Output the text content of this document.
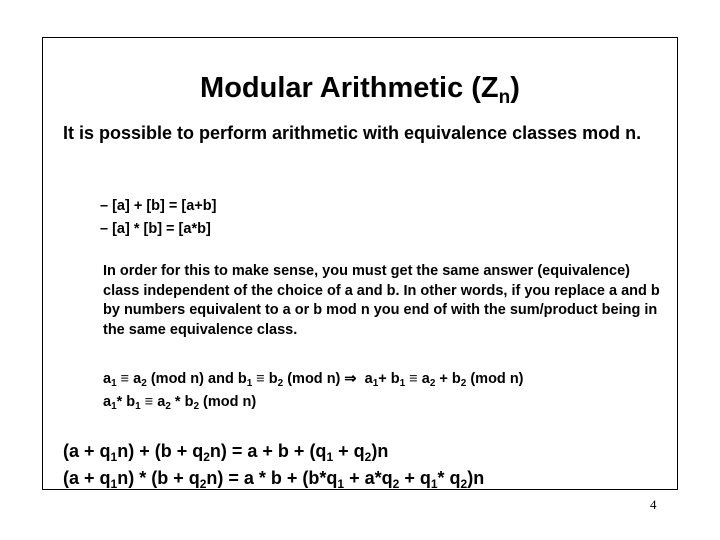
Modular Arithmetic $(Z_n)$
It is possible to perform arithmetic with equivalence classes mod n.
– [a] + [b] = [a+b]
– [a] * [b] = [a*b]
In order for this to make sense, you must get the same answer (equivalence) class independent of the choice of a and b. In other words, if you replace a and b by numbers equivalent to a or b mod n you end of with the sum/product being in the same equivalence class.
$a_1 \equiv a_2$ (mod n) and $b_1 \equiv b_2$ (mod n) ⇒ $a_1+ b_1 \equiv a_2 + b_2$ (mod n)
$a_1*$ $b_1 \equiv a_2 * b_2$ (mod n)
$(a + q_1n) + (b + q_2n) = a + b + (q_1 + q_2)n$
$(a + q_1n) * (b + q_2n) = a * b + (b*q_1 + a*q_2 + q_1*$ $q_2)n$
4
